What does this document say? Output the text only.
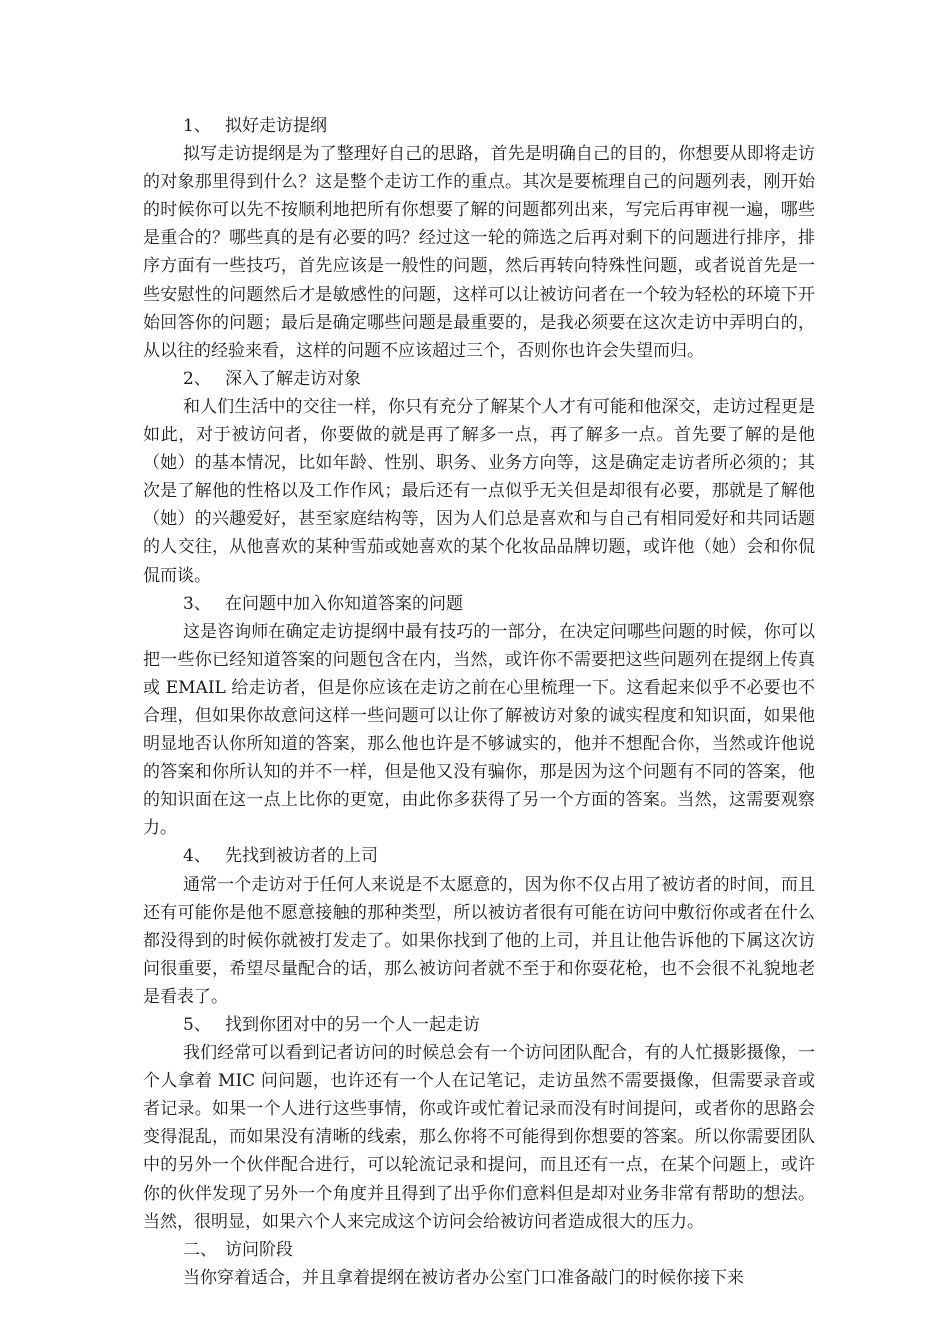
1、 拟好走访提纲

拟写走访提纲是为了整理好自己的思路，首先是明确自己的目的，你想要从即将走访的对象那里得到什么？这是整个走访工作的重点。其次是要梳理自己的问题列表，刚开始的时候你可以先不按顺利地把所有你想要了解的问题都列出来，写完后再审视一遍，哪些是重合的？哪些真的是有必要的吗？经过这一轮的筛选之后再对剩下的问题进行排序，排序方面有一些技巧，首先应该是一般性的问题，然后再转向特殊性问题，或者说首先是一些安慰性的问题然后才是敏感性的问题，这样可以让被访问者在一个较为轻松的环境下开始回答你的问题；最后是确定哪些问题是最重要的，是我必须要在这次走访中弄明白的，从以往的经验来看，这样的问题不应该超过三个，否则你也许会失望而归。

2、 深入了解走访对象

和人们生活中的交往一样，你只有充分了解某个人才有可能和他深交，走访过程更是如此，对于被访问者，你要做的就是再了解多一点，再了解多一点。首先要了解的是他（她）的基本情况，比如年龄、性别、职务、业务方向等，这是确定走访者所必须的；其次是了解他的性格以及工作作风；最后还有一点似乎无关但是却很有必要，那就是了解他（她）的兴趣爱好，甚至家庭结构等，因为人们总是喜欢和与自己有相同爱好和共同话题的人交往，从他喜欢的某种雪茄或她喜欢的某个化妆品品牌切题，或许他（她）会和你侃侃而谈。

3、 在问题中加入你知道答案的问题

这是咨询师在确定走访提纲中最有技巧的一部分，在决定问哪些问题的时候，你可以把一些你已经知道答案的问题包含在内，当然，或许你不需要把这些问题列在提纲上传真或 EMAIL 给走访者，但是你应该在走访之前在心里梳理一下。这看起来似乎不必要也不合理，但如果你故意问这样一些问题可以让你了解被访对象的诚实程度和知识面，如果他明显地否认你所知道的答案，那么他也许是不够诚实的，他并不想配合你，当然或许他说的答案和你所认知的并不一样，但是他又没有骗你，那是因为这个问题有不同的答案，他的知识面在这一点上比你的更宽，由此你多获得了另一个方面的答案。当然，这需要观察力。

4、 先找到被访者的上司

通常一个走访对于任何人来说是不太愿意的，因为你不仅占用了被访者的时间，而且还有可能你是他不愿意接触的那种类型，所以被访者很有可能在访问中敷衍你或者在什么都没得到的时候你就被打发走了。如果你找到了他的上司，并且让他告诉他的下属这次访问很重要，希望尽量配合的话，那么被访问者就不至于和你耍花枪，也不会很不礼貌地老是看表了。

5、 找到你团对中的另一个人一起走访

我们经常可以看到记者访问的时候总会有一个访问团队配合，有的人忙摄影摄像，一个人拿着 MIC 问问题，也许还有一个人在记笔记，走访虽然不需要摄像，但需要录音或者记录。如果一个人进行这些事情，你或许或忙着记录而没有时间提问，或者你的思路会变得混乱，而如果没有清晰的线索，那么你将不可能得到你想要的答案。所以你需要团队中的另外一个伙伴配合进行，可以轮流记录和提问，而且还有一点，在某个问题上，或许你的伙伴发现了另外一个角度并且得到了出乎你们意料但是却对业务非常有帮助的想法。当然，很明显，如果六个人来完成这个访问会给被访问者造成很大的压力。

二、 访问阶段

当你穿着适合，并且拿着提纲在被访者办公室门口准备敲门的时候你接下来
